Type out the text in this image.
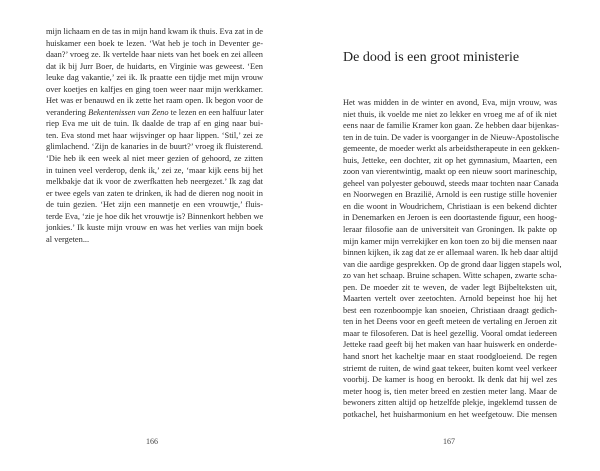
mijn lichaam en de tas in mijn hand kwam ik thuis. Eva zat in de
huiskamer een boek te lezen. ‘Wat heb je toch in Deventer ge-
daan?’ vroeg ze. Ik vertelde haar niets van het boek en zei alleen
dat ik bij Jurr Boer, de huidarts, en Virginie was geweest. ‘Een
leuke dag vakantie,’ zei ik. Ik praatte een tijdje met mijn vrouw
over koetjes en kalfjes en ging toen weer naar mijn werkkamer.
Het was er benauwd en ik zette het raam open. Ik begon voor de
verandering Bekentenissen van Zeno te lezen en een halfuur later
riep Eva me uit de tuin. Ik daalde de trap af en ging naar bui-
ten. Eva stond met haar wijsvinger op haar lippen. ‘Stil,’ zei ze
glimlachend. ‘Zijn de kanaries in de buurt?’ vroeg ik fluisterend.
‘Die heb ik een week al niet meer gezien of gehoord, ze zitten
in tuinen veel verderop, denk ik,’ zei ze, ‘maar kijk eens bij het
melkbakje dat ik voor de zwerfkatten heb neergezet.’ Ik zag dat
er twee egels van zaten te drinken, ik had de dieren nog nooit in
de tuin gezien. ‘Het zijn een mannetje en een vrouwtje,’ fluis-
terde Eva, ‘zie je hoe dik het vrouwtje is? Binnenkort hebben we
jonkies.’ Ik kuste mijn vrouw en was het verlies van mijn boek
al vergeten...
166
De dood is een groot ministerie
Het was midden in de winter en avond, Eva, mijn vrouw, was
niet thuis, ik voelde me niet zo lekker en vroeg me af of ik niet
eens naar de familie Kramer kon gaan. Ze hebben daar bijenkas-
ten in de tuin. De vader is voorganger in de Nieuw-Apostolische
gemeente, de moeder werkt als arbeidstherapeute in een gekken-
huis, Jetteke, een dochter, zit op het gymnasium, Maarten, een
zoon van vierentwintig, maakt op een nieuw soort marineschip,
geheel van polyester gebouwd, steeds maar tochten naar Canada
en Noorwegen en Brazilië, Arnold is een rustige stille hovenier
en die woont in Woudrichem, Christiaan is een bekend dichter
in Denemarken en Jeroen is een doortastende figuur, een hoog-
leraar filosofie aan de universiteit van Groningen. Ik pakte op
mijn kamer mijn verrekijker en kon toen zo bij die mensen naar
binnen kijken, ik zag dat ze er allemaal waren. Ik heb daar altijd
van die aardige gesprekken. Op de grond daar liggen stapels wol,
zo van het schaap. Bruine schapen. Witte schapen, zwarte scha-
pen. De moeder zit te weven, de vader legt Bijbelteksten uit,
Maarten vertelt over zeetochten. Arnold bepeinst hoe hij het
best een rozenboompje kan snoeien, Christiaan draagt gedich-
ten in het Deens voor en geeft meteen de vertaling en Jeroen zit
maar te filosoferen. Dat is heel gezellig. Vooral omdat iedereen
Jetteke raad geeft bij het maken van haar huiswerk en onderde-
hand snort het kacheltje maar en staat roodgloeiend. De regen
striemt de ruiten, de wind gaat tekeer, buiten komt veel verkeer
voorbij. De kamer is hoog en berookt. Ik denk dat hij wel zes
meter hoog is, tien meter breed en zestien meter lang. Maar de
bewoners zitten altijd op hetzelfde plekje, ingeklemd tussen de
potkachel, het huisharmonium en het weefgetouw. Die mensen
167
